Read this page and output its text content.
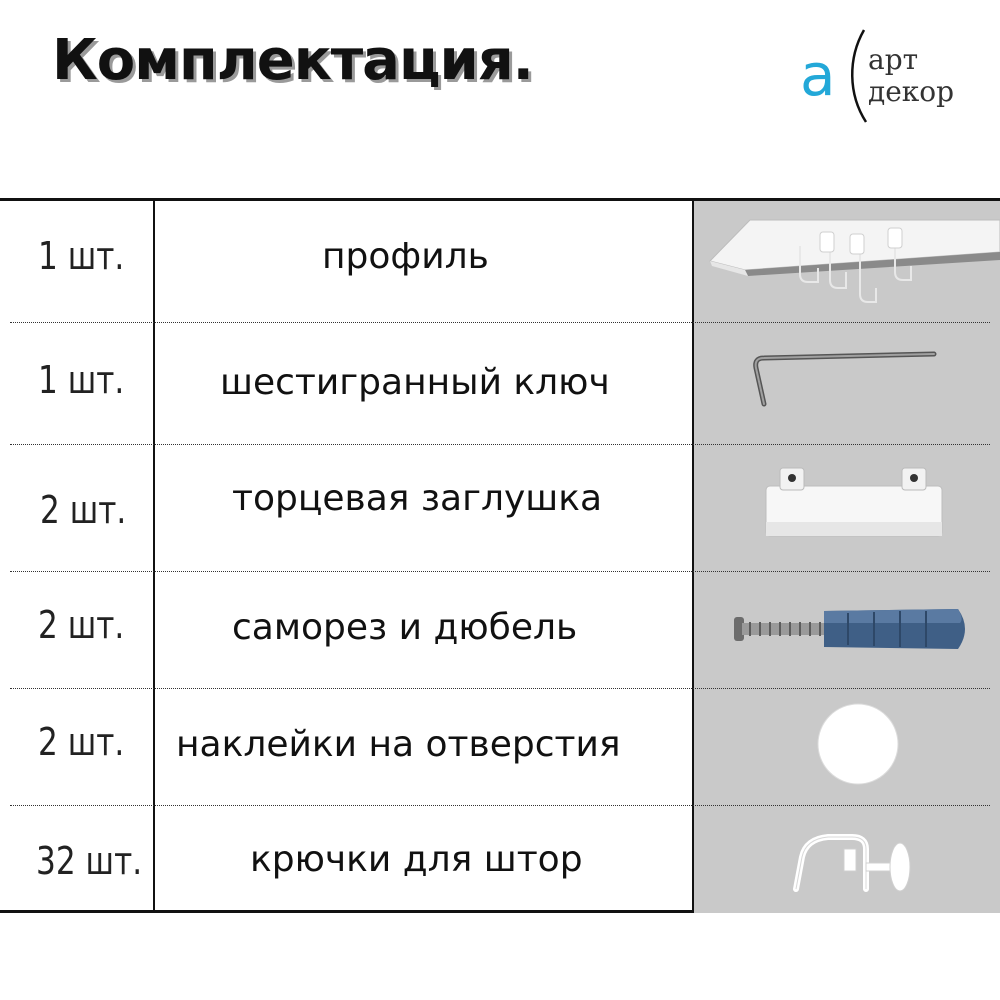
Комплектация.	a арт
декор
1 шт.	профиль
1 шт.	шестигранный ключ
2 шт.	торцевая заглушка
2 шт.	саморез и дюбель
2 шт. наклейки на отверстия
32 шт.	крючки для штор
